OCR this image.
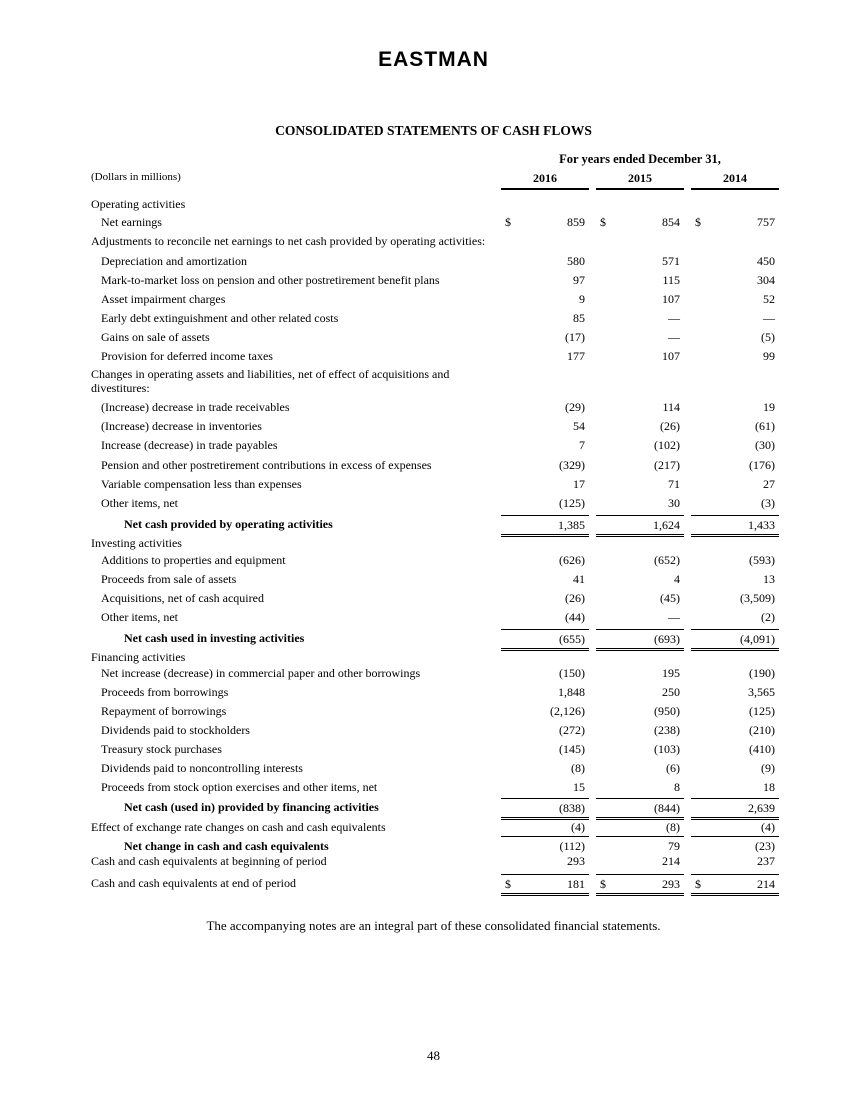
EASTMAN
CONSOLIDATED STATEMENTS OF CASH FLOWS
For years ended December 31,
(Dollars in millions)	2016	2015	2014
Operating activities
Net earnings	$	859 $	854 $	757
Adjustments to reconcile net earnings to net cash provided by operating activities:
Depreciation and amortization	580	571	450
Mark-to-market loss on pension and other postretirement benefit plans	97	115	304
Asset impairment charges	9	107	52
Early debt extinguishment and other related costs	85	—	—
Gains on sale of assets	(17)	—	(5)
Provision for deferred income taxes	177	107	99
Changes in operating assets and liabilities, net of effect of acquisitions and divestitures:
(Increase) decrease in trade receivables	(29)	114	19
(Increase) decrease in inventories	54	(26)	(61)
Increase (decrease) in trade payables	7	(102)	(30)
Pension and other postretirement contributions in excess of expenses	(329)	(217)	(176)
Variable compensation less than expenses	17	71	27
Other items, net	(125)	30	(3)
Net cash provided by operating activities	1,385	1,624	1,433
Investing activities
Additions to properties and equipment	(626)	(652)	(593)
Proceeds from sale of assets	41	4	13
Acquisitions, net of cash acquired	(26)	(45)	(3,509)
Other items, net	(44)	—	(2)
Net cash used in investing activities	(655)	(693)	(4,091)
Financing activities
Net increase (decrease) in commercial paper and other borrowings	(150)	195	(190)
Proceeds from borrowings	1,848	250	3,565
Repayment of borrowings	(2,126)	(950)	(125)
Dividends paid to stockholders	(272)	(238)	(210)
Treasury stock purchases	(145)	(103)	(410)
Dividends paid to noncontrolling interests	(8)	(6)	(9)
Proceeds from stock option exercises and other items, net	15	8	18
Net cash (used in) provided by financing activities	(838)	(844)	2,639
Effect of exchange rate changes on cash and cash equivalents	(4)	(8)	(4)
Net change in cash and cash equivalents	(112)	79	(23)
Cash and cash equivalents at beginning of period	293	214	237
Cash and cash equivalents at end of period	$	181 $	293 $	214
The accompanying notes are an integral part of these consolidated financial statements.
48
